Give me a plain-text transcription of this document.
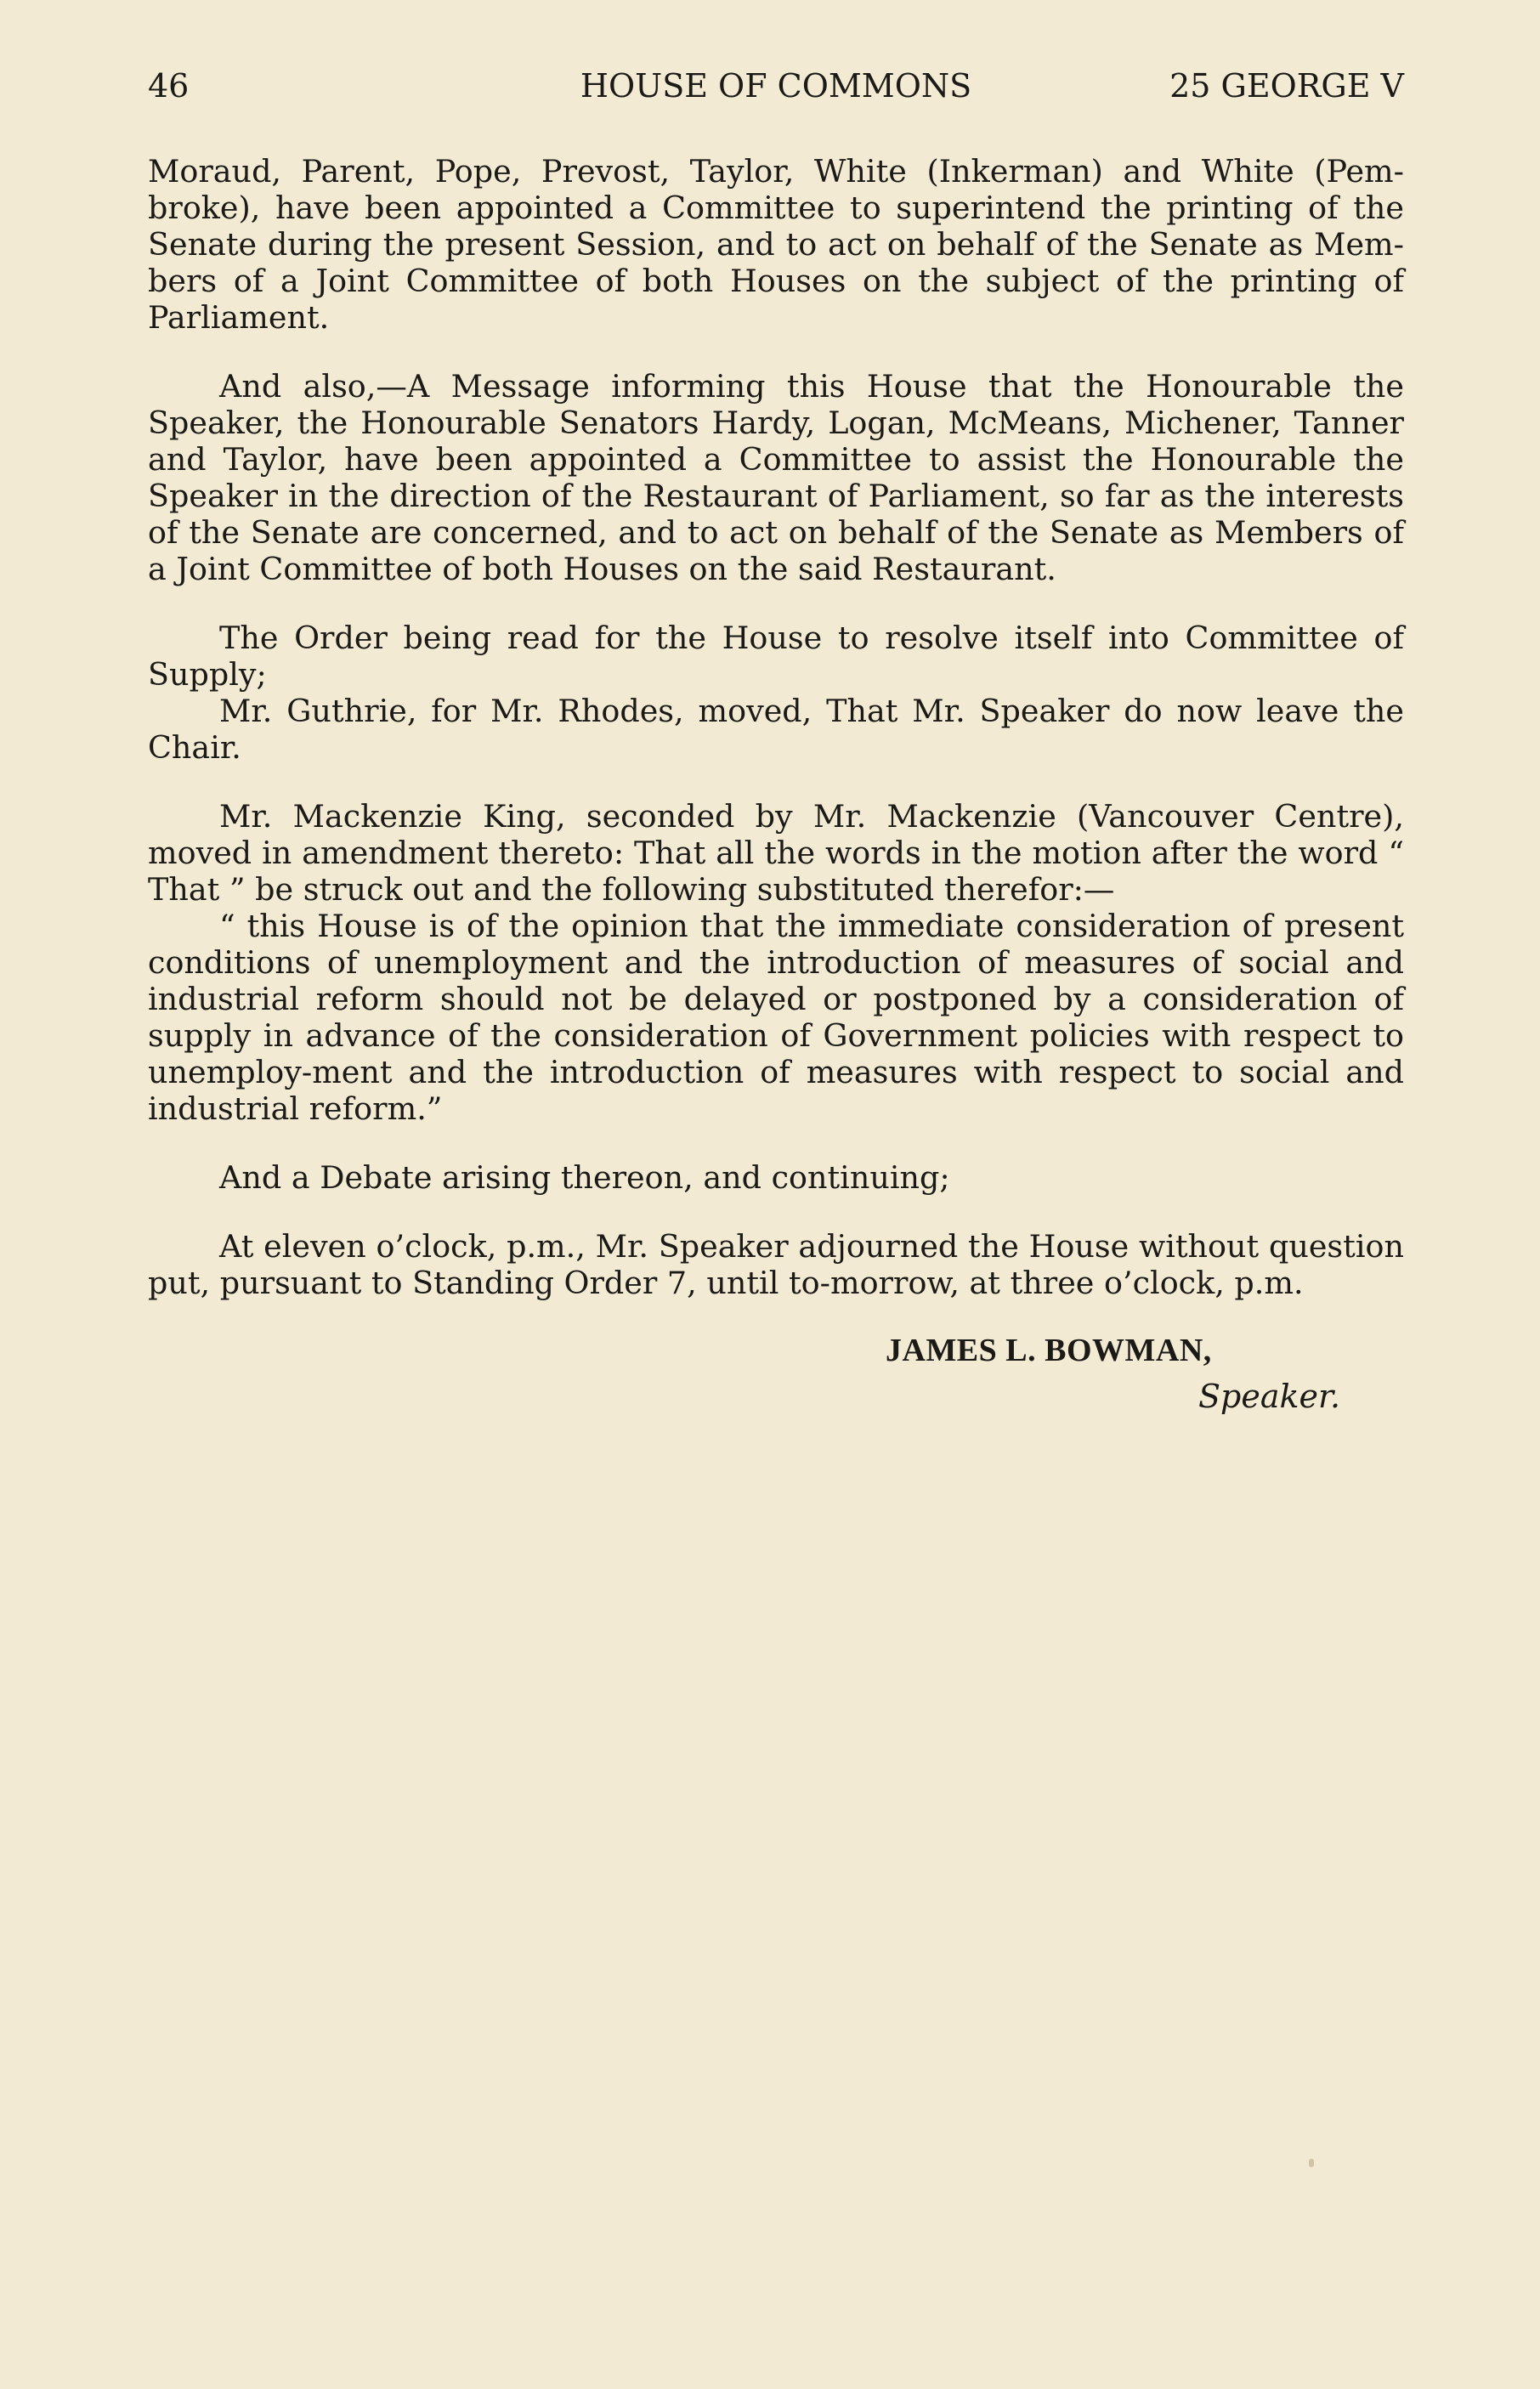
46	HOUSE OF COMMONS	25 GEORGE V

Moraud, Parent, Pope, Prevost, Taylor, White (Inkerman) and White (Pem-broke), have been appointed a Committee to superintend the printing of the Senate during the present Session, and to act on behalf of the Senate as Mem-bers of a Joint Committee of both Houses on the subject of the printing of Parliament.

And also,—A Message informing this House that the Honourable the Speaker, the Honourable Senators Hardy, Logan, McMeans, Michener, Tanner and Taylor, have been appointed a Committee to assist the Honourable the Speaker in the direction of the Restaurant of Parliament, so far as the interests of the Senate are concerned, and to act on behalf of the Senate as Members of a Joint Committee of both Houses on the said Restaurant.

The Order being read for the House to resolve itself into Committee of Supply;

Mr. Guthrie, for Mr. Rhodes, moved, That Mr. Speaker do now leave the Chair.

Mr. Mackenzie King, seconded by Mr. Mackenzie (Vancouver Centre), moved in amendment thereto: That all the words in the motion after the word “ That ” be struck out and the following substituted therefor:—

“ this House is of the opinion that the immediate consideration of present conditions of unemployment and the introduction of measures of social and industrial reform should not be delayed or postponed by a consideration of supply in advance of the consideration of Government policies with respect to unemploy-ment and the introduction of measures with respect to social and industrial reform.”

And a Debate arising thereon, and continuing;

At eleven o’clock, p.m., Mr. Speaker adjourned the House without question put, pursuant to Standing Order 7, until to-morrow, at three o’clock, p.m.

JAMES L. BOWMAN,
Speaker.
